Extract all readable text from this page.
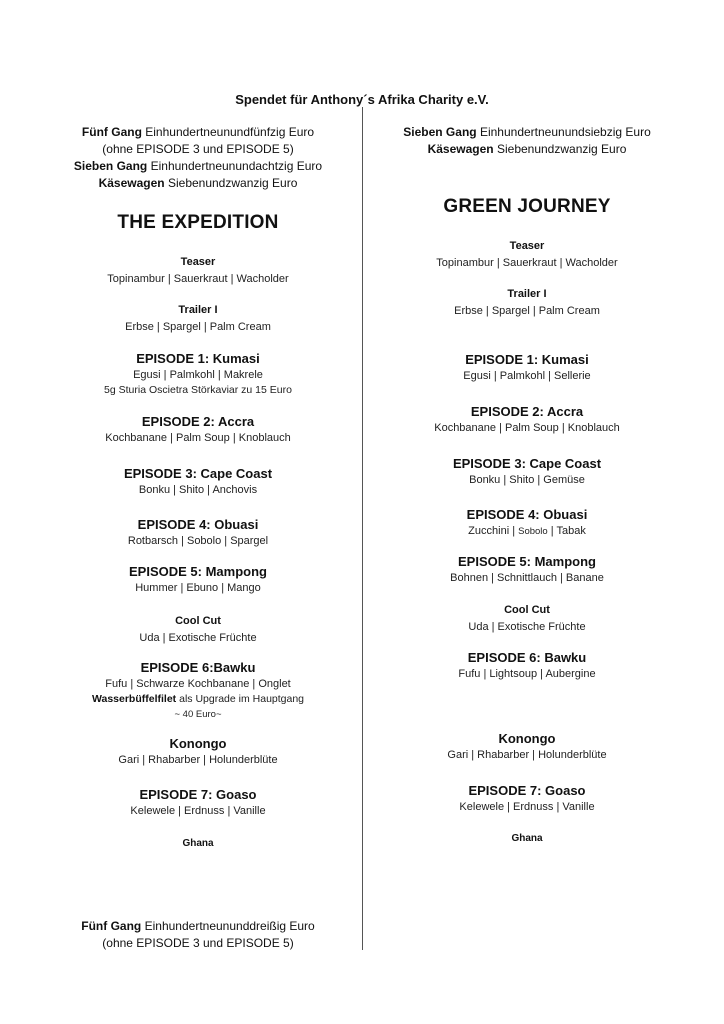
Spendet für Anthony´s Afrika Charity e.V.
Fünf Gang Einhundertneunundfünfzig Euro
(ohne EPISODE 3 und EPISODE 5)
Sieben Gang Einhundertneunundachtzig Euro
Käsewagen Siebenundzwanzig Euro
THE EXPEDITION
Teaser
Topinambur | Sauerkraut | Wacholder
Trailer I
Erbse | Spargel | Palm Cream
EPISODE 1: Kumasi
Egusi | Palmkohl | Makrele
5g Sturia Oscietra Störkaviar zu 15 Euro
EPISODE 2: Accra
Kochbanane | Palm Soup | Knoblauch
EPISODE 3: Cape Coast
Bonku | Shito | Anchovis
EPISODE 4: Obuasi
Rotbarsch | Sobolo | Spargel
EPISODE 5: Mampong
Hummer | Ebuno | Mango
Cool Cut
Uda | Exotische Früchte
EPISODE 6:Bawku
Fufu | Schwarze Kochbanane | Onglet
Wasserbüffelfilet als Upgrade im Hauptgang
~ 40 Euro~
Konongo
Gari | Rhabarber | Holunderblüte
EPISODE 7: Goaso
Kelewele | Erdnuss | Vanille
Ghana
Fünf Gang Einhundertneununddreißig Euro
(ohne EPISODE 3 und EPISODE 5)
Sieben Gang Einhundertneunundsiebzig Euro
Käsewagen Siebenundzwanzig Euro
GREEN JOURNEY
Teaser
Topinambur | Sauerkraut | Wacholder
Trailer I
Erbse | Spargel | Palm Cream
EPISODE 1: Kumasi
Egusi | Palmkohl | Sellerie
EPISODE 2: Accra
Kochbanane | Palm Soup | Knoblauch
EPISODE 3: Cape Coast
Bonku | Shito | Gemüse
EPISODE 4: Obuasi
Zucchini | Sobolo | Tabak
EPISODE 5: Mampong
Bohnen | Schnittlauch | Banane
Cool Cut
Uda | Exotische Früchte
EPISODE 6: Bawku
Fufu | Lightsoup | Aubergine
Konongo
Gari | Rhabarber | Holunderblüte
EPISODE 7: Goaso
Kelewele | Erdnuss | Vanille
Ghana
